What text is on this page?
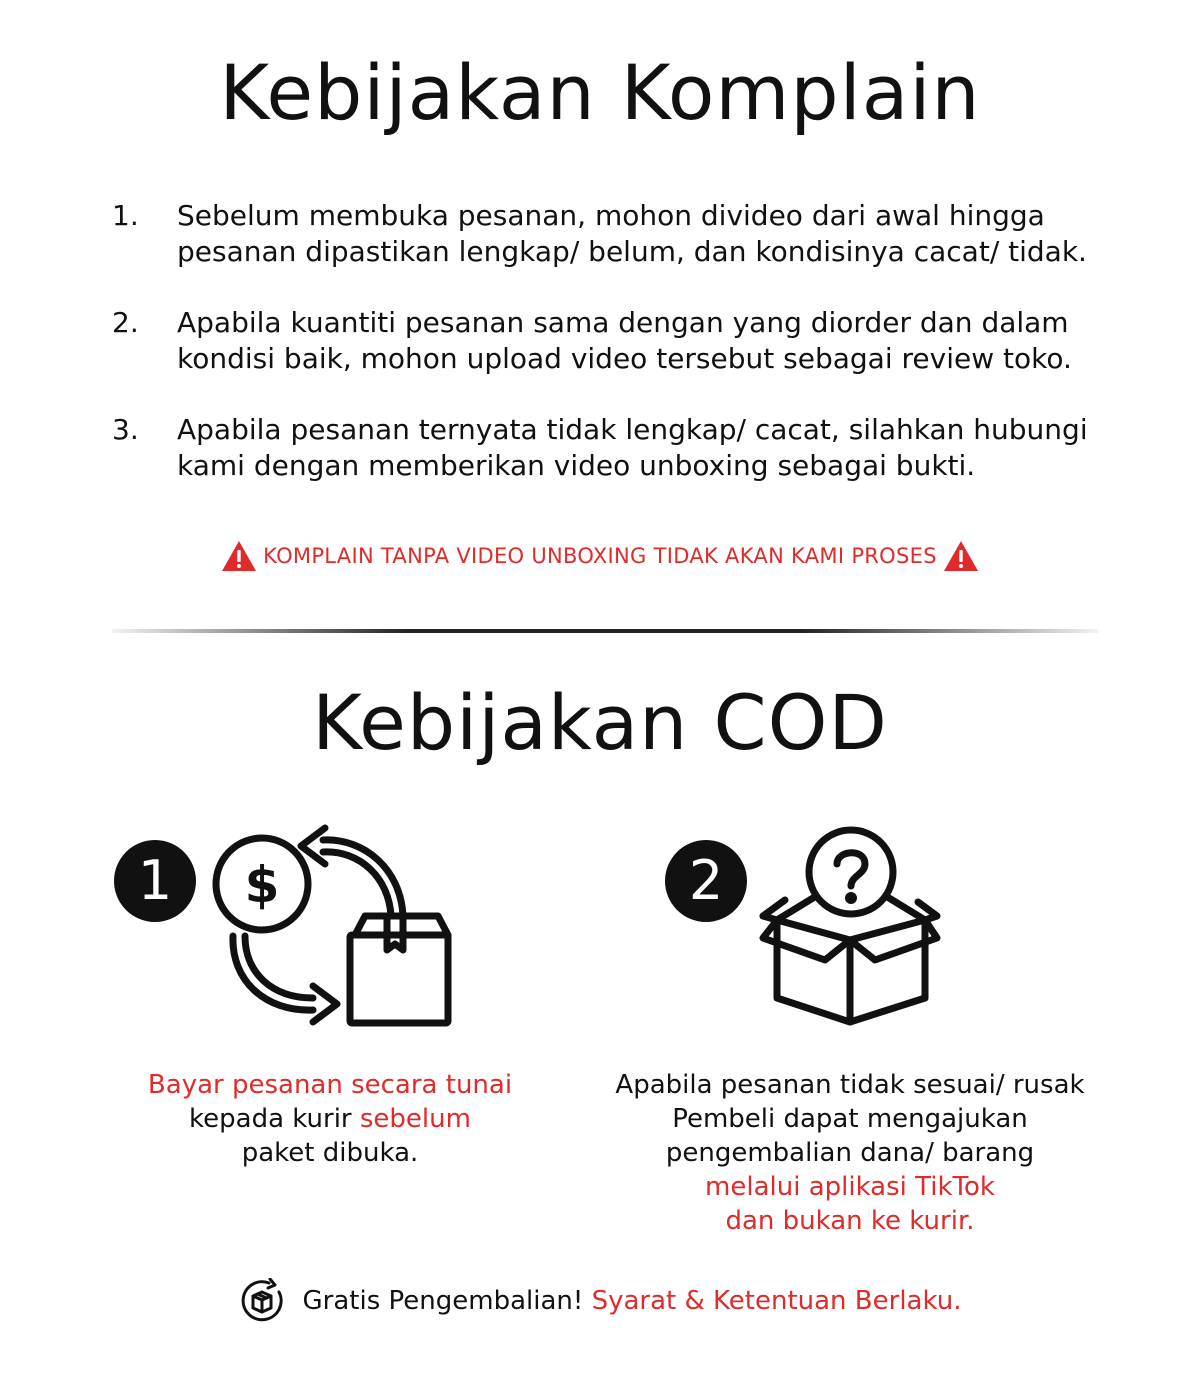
Kebijakan Komplain
1.	Sebelum membuka pesanan, mohon divideo dari awal hingga
pesanan dipastikan lengkap/ belum, dan kondisinya cacat/ tidak.
2.	Apabila kuantiti pesanan sama dengan yang diorder dan dalam
kondisi baik, mohon upload video tersebut sebagai review toko.
3.	Apabila pesanan ternyata tidak lengkap/ cacat, silahkan hubungi
kami dengan memberikan video unboxing sebagai bukti.
KOMPLAIN TANPA VIDEO UNBOXING TIDAK AKAN KAMI PROSES
Kebijakan COD
1	$	2
Bayar pesanan secara tunai
kepada kurir sebelum
paket dibuka.
Apabila pesanan tidak sesuai/ rusak
Pembeli dapat mengajukan
pengembalian dana/ barang
melalui aplikasi TikTok
dan bukan ke kurir.
Gratis Pengembalian! Syarat & Ketentuan Berlaku.
